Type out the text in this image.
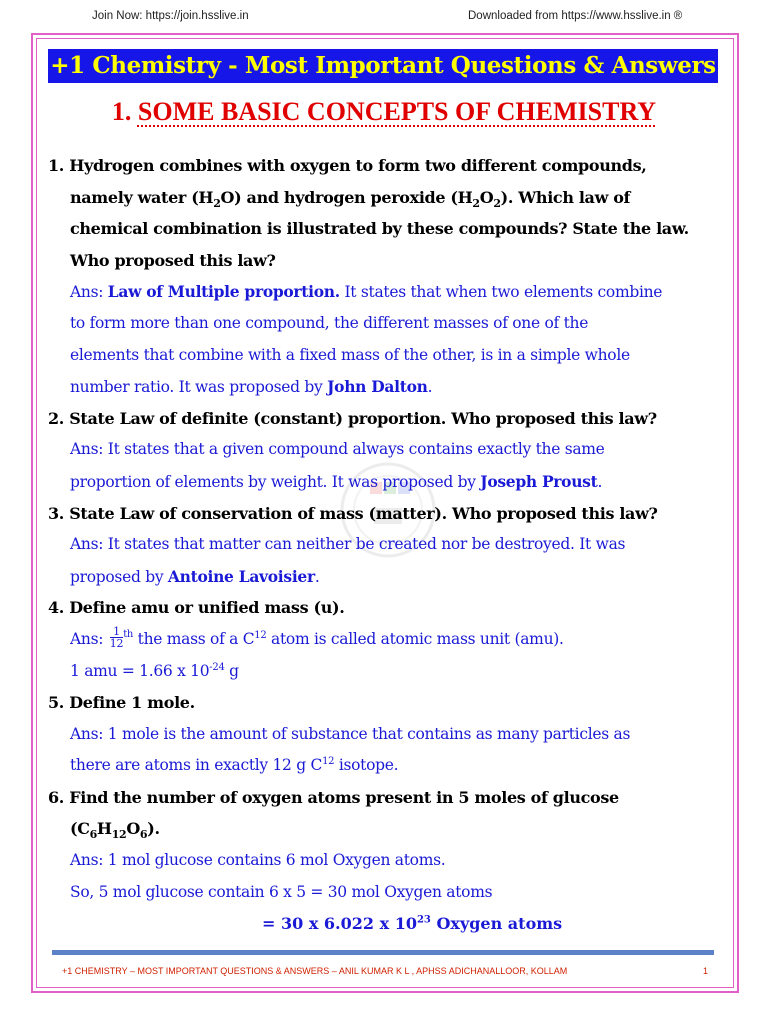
Join Now: https://join.hsslive.in	Downloaded from https://www.hsslive.in ®
+1 Chemistry - Most Important Questions & Answers
1. SOME BASIC CONCEPTS OF CHEMISTRY
1. Hydrogen combines with oxygen to form two different compounds,
namely water $(H_2O)$ and hydrogen peroxide $(H_2O_2)$. Which law of
chemical combination is illustrated by these compounds? State the law.
Who proposed this law?
Ans: Law of Multiple proportion. It states that when two elements combine
to form more than one compound, the different masses of one of the
elements that combine with a fixed mass of the other, is in a simple whole
number ratio. It was proposed by John Dalton.
2. State Law of definite (constant) proportion. Who proposed this law?
Ans: It states that a given compound always contains exactly the same
proportion of elements by weight. It was proposed by Joseph Proust.
3. State Law of conservation of mass (matter). Who proposed this law?
Ans: It states that matter can neither be created nor be destroyed. It was
proposed by Antoine Lavoisier.
4. Define amu or unified mass (u).
Ans: $\frac{1}{12} ^{th}$ the mass of a $C^{12}$ atom is called atomic mass unit (amu).
1 amu = 1.66 x $10^{-24}$ g
5. Define 1 mole.
Ans: 1 mole is the amount of substance that contains as many particles as
there are atoms in exactly 12 g $C^{12}$ isotope.
6. Find the number of oxygen atoms present in 5 moles of glucose
$(C_6H_{12}O_6)$.
Ans: 1 mol glucose contains 6 mol Oxygen atoms.
So, 5 mol glucose contain 6 x 5 = 30 mol Oxygen atoms
= 30 x 6.022 x $10^{23}$ Oxygen atoms
+1 CHEMISTRY – MOST IMPORTANT QUESTIONS & ANSWERS – ANIL KUMAR K L , APHSS ADICHANALLOOR, KOLLAM	1
